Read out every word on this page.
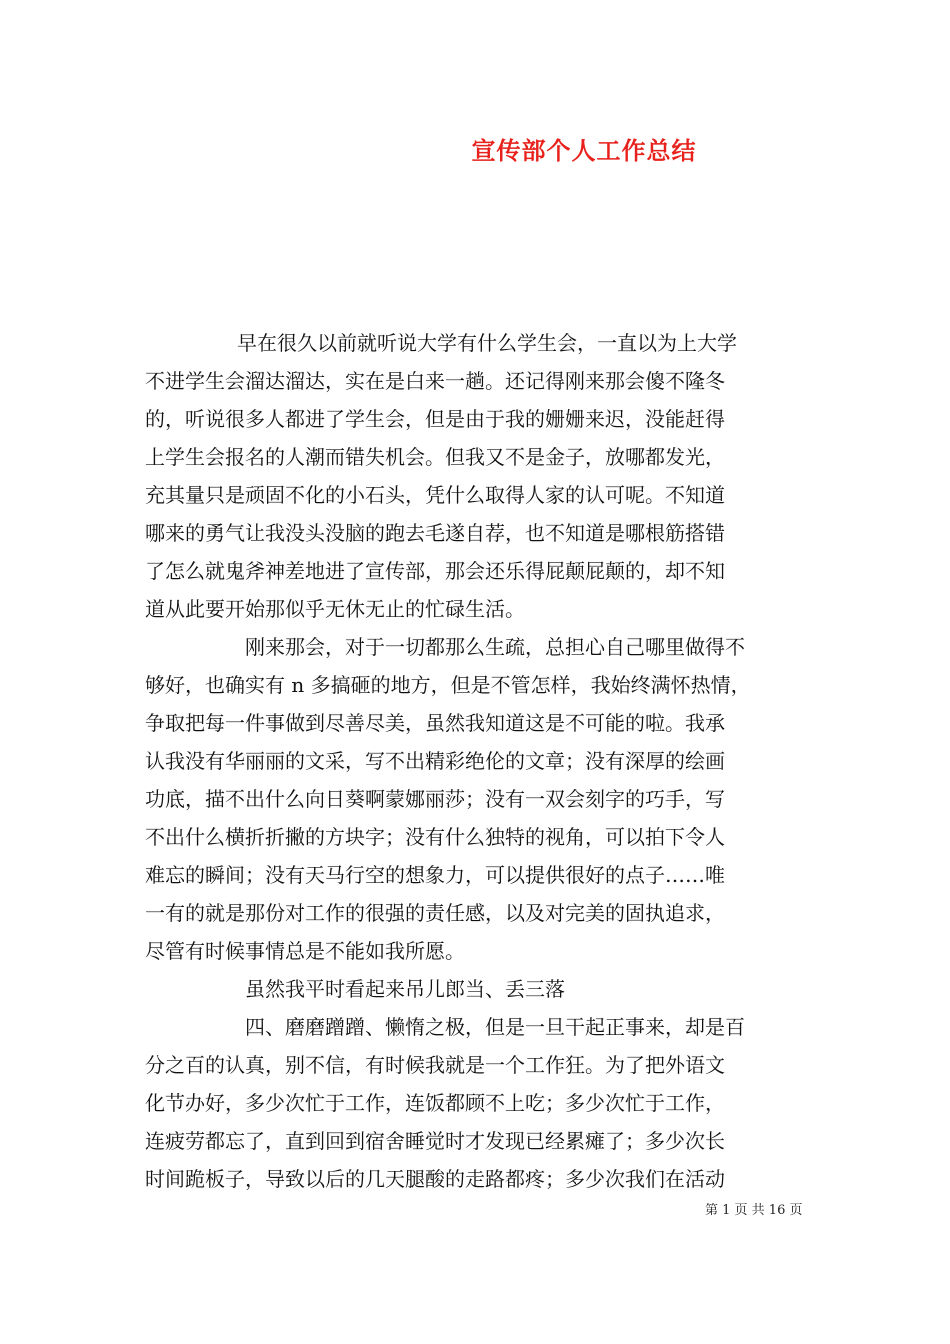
宣传部个人工作总结
早在很久以前就听说大学有什么学生会，一直以为上大学
不进学生会溜达溜达，实在是白来一趟。还记得刚来那会傻不隆冬
的，听说很多人都进了学生会，但是由于我的姗姗来迟，没能赶得
上学生会报名的人潮而错失机会。但我又不是金子，放哪都发光，
充其量只是顽固不化的小石头，凭什么取得人家的认可呢。不知道
哪来的勇气让我没头没脑的跑去毛遂自荐，也不知道是哪根筋搭错
了怎么就鬼斧神差地进了宣传部，那会还乐得屁颠屁颠的，却不知
道从此要开始那似乎无休无止的忙碌生活。
刚来那会，对于一切都那么生疏，总担心自己哪里做得不
够好，也确实有 n 多搞砸的地方，但是不管怎样，我始终满怀热情，
争取把每一件事做到尽善尽美，虽然我知道这是不可能的啦。我承
认我没有华丽丽的文采，写不出精彩绝伦的文章；没有深厚的绘画
功底，描不出什么向日葵啊蒙娜丽莎；没有一双会刻字的巧手，写
不出什么横折折撇的方块字；没有什么独特的视角，可以拍下令人
难忘的瞬间；没有天马行空的想象力，可以提供很好的点子……唯
一有的就是那份对工作的很强的责任感，以及对完美的固执追求，
尽管有时候事情总是不能如我所愿。
虽然我平时看起来吊儿郎当、丢三落
四、磨磨蹭蹭、懒惰之极，但是一旦干起正事来，却是百
分之百的认真，别不信，有时候我就是一个工作狂。为了把外语文
化节办好，多少次忙于工作，连饭都顾不上吃；多少次忙于工作，
连疲劳都忘了，直到回到宿舍睡觉时才发现已经累瘫了；多少次长
时间跪板子，导致以后的几天腿酸的走路都疼；多少次我们在活动
第 1 页 共 16 页
